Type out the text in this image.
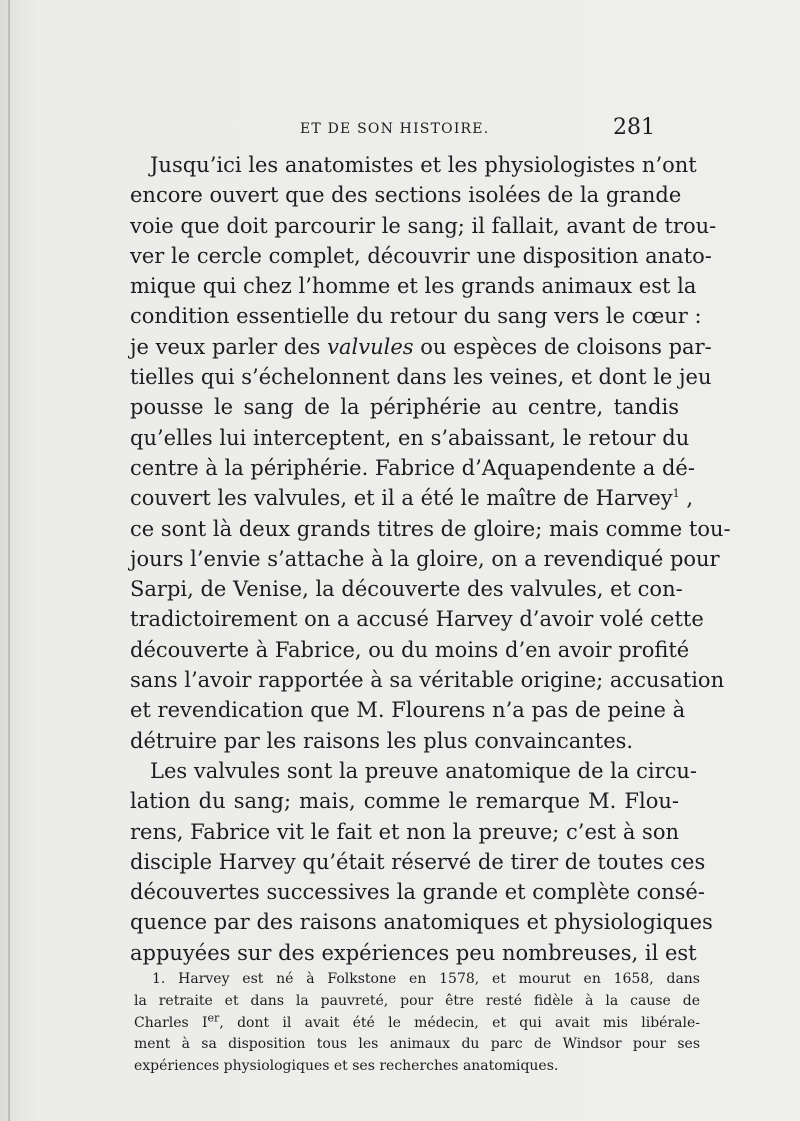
ET DE SON HISTOIRE.	281
Jusqu’ici les anatomistes et les physiologistes n’ont
encore ouvert que des sections isolées de la grande
voie que doit parcourir le sang; il fallait, avant de trou-
ver le cercle complet, découvrir une disposition anato-
mique qui chez l’homme et les grands animaux est la
condition essentielle du retour du sang vers le cœur :
je veux parler des valvules ou espèces de cloisons par-
tielles qui s’échelonnent dans les veines, et dont le jeu
pousse le sang de la périphérie au centre, tandis
qu’elles lui interceptent, en s’abaissant, le retour du
centre à la périphérie. Fabrice d’Aquapendente a dé-
couvert les valvules, et il a été le maître de Harvey$^1$ ,
ce sont là deux grands titres de gloire; mais comme tou-
jours l’envie s’attache à la gloire, on a revendiqué pour
Sarpi, de Venise, la découverte des valvules, et con-
tradictoirement on a accusé Harvey d’avoir volé cette
découverte à Fabrice, ou du moins d’en avoir profité
sans l’avoir rapportée à sa véritable origine; accusation
et revendication que M. Flourens n’a pas de peine à
détruire par les raisons les plus convaincantes.
Les valvules sont la preuve anatomique de la circu-
lation du sang; mais, comme le remarque M. Flou-
rens, Fabrice vit le fait et non la preuve; c’est à son
disciple Harvey qu’était réservé de tirer de toutes ces
découvertes successives la grande et complète consé-
quence par des raisons anatomiques et physiologiques
appuyées sur des expériences peu nombreuses, il est
1. Harvey est né à Folkstone en 1578, et mourut en 1658, dans
la retraite et dans la pauvreté, pour être resté fidèle à la cause de
Charles Ier, dont il avait été le médecin, et qui avait mis libérale-
ment à sa disposition tous les animaux du parc de Windsor pour ses
expériences physiologiques et ses recherches anatomiques.
